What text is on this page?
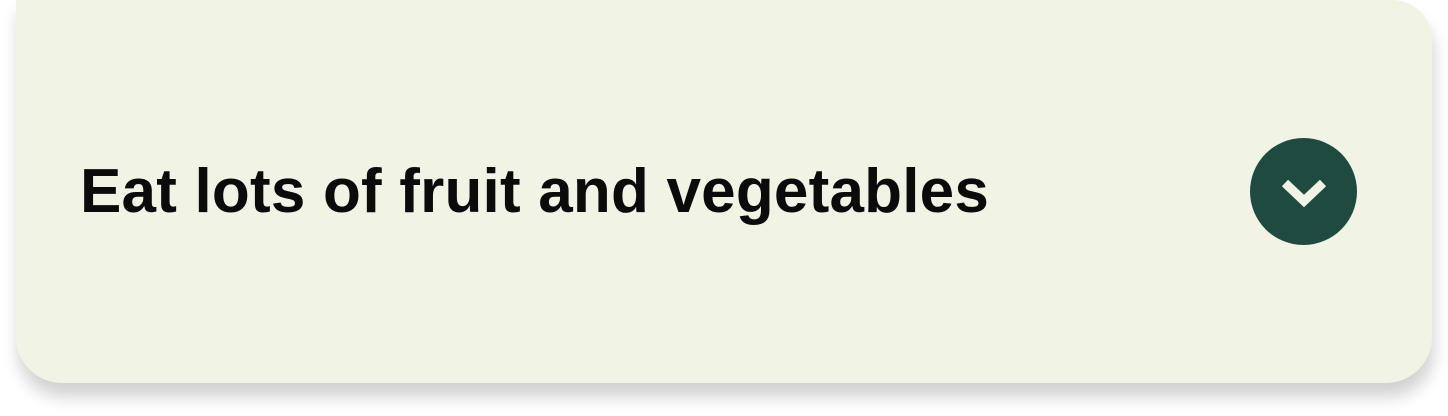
Eat lots of fruit and vegetables
